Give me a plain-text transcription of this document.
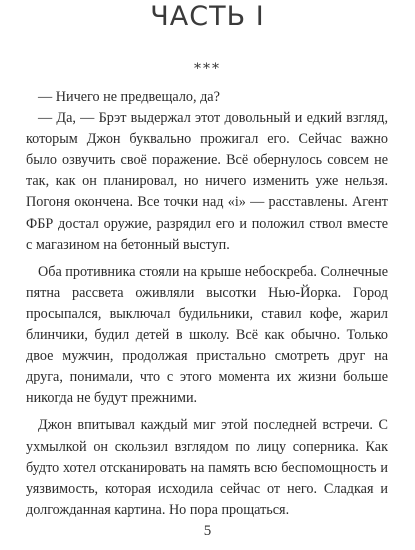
ЧАСТЬ I
***

— Ничего не предвещало, да?

— Да, — Брэт выдержал этот довольный и едкий взгляд, которым Джон буквально прожигал его. Сейчас важно было озвучить своё поражение. Всё обернулось совсем не так, как он планировал, но ничего изменить уже нельзя. Погоня окончена. Все точки над «i» — расставлены. Агент ФБР достал оружие, разрядил его и положил ствол вместе с магазином на бетонный выступ.

Оба противника стояли на крыше небоскреба. Солнечные пятна рассвета оживляли высотки Нью-Йорка. Город просыпался, выключал будильники, ставил кофе, жарил блинчики, будил детей в школу. Всё как обычно. Только двое мужчин, продолжая пристально смотреть друг на друга, понимали, что с этого момента их жизни больше никогда не будут прежними.

Джон впитывал каждый миг этой последней встречи. С ухмылкой он скользил взглядом по лицу соперника. Как будто хотел отсканировать на память всю беспомощность и уязвимость, которая исходила сейчас от него. Сладкая и долгожданная картина. Но пора прощаться.

5
